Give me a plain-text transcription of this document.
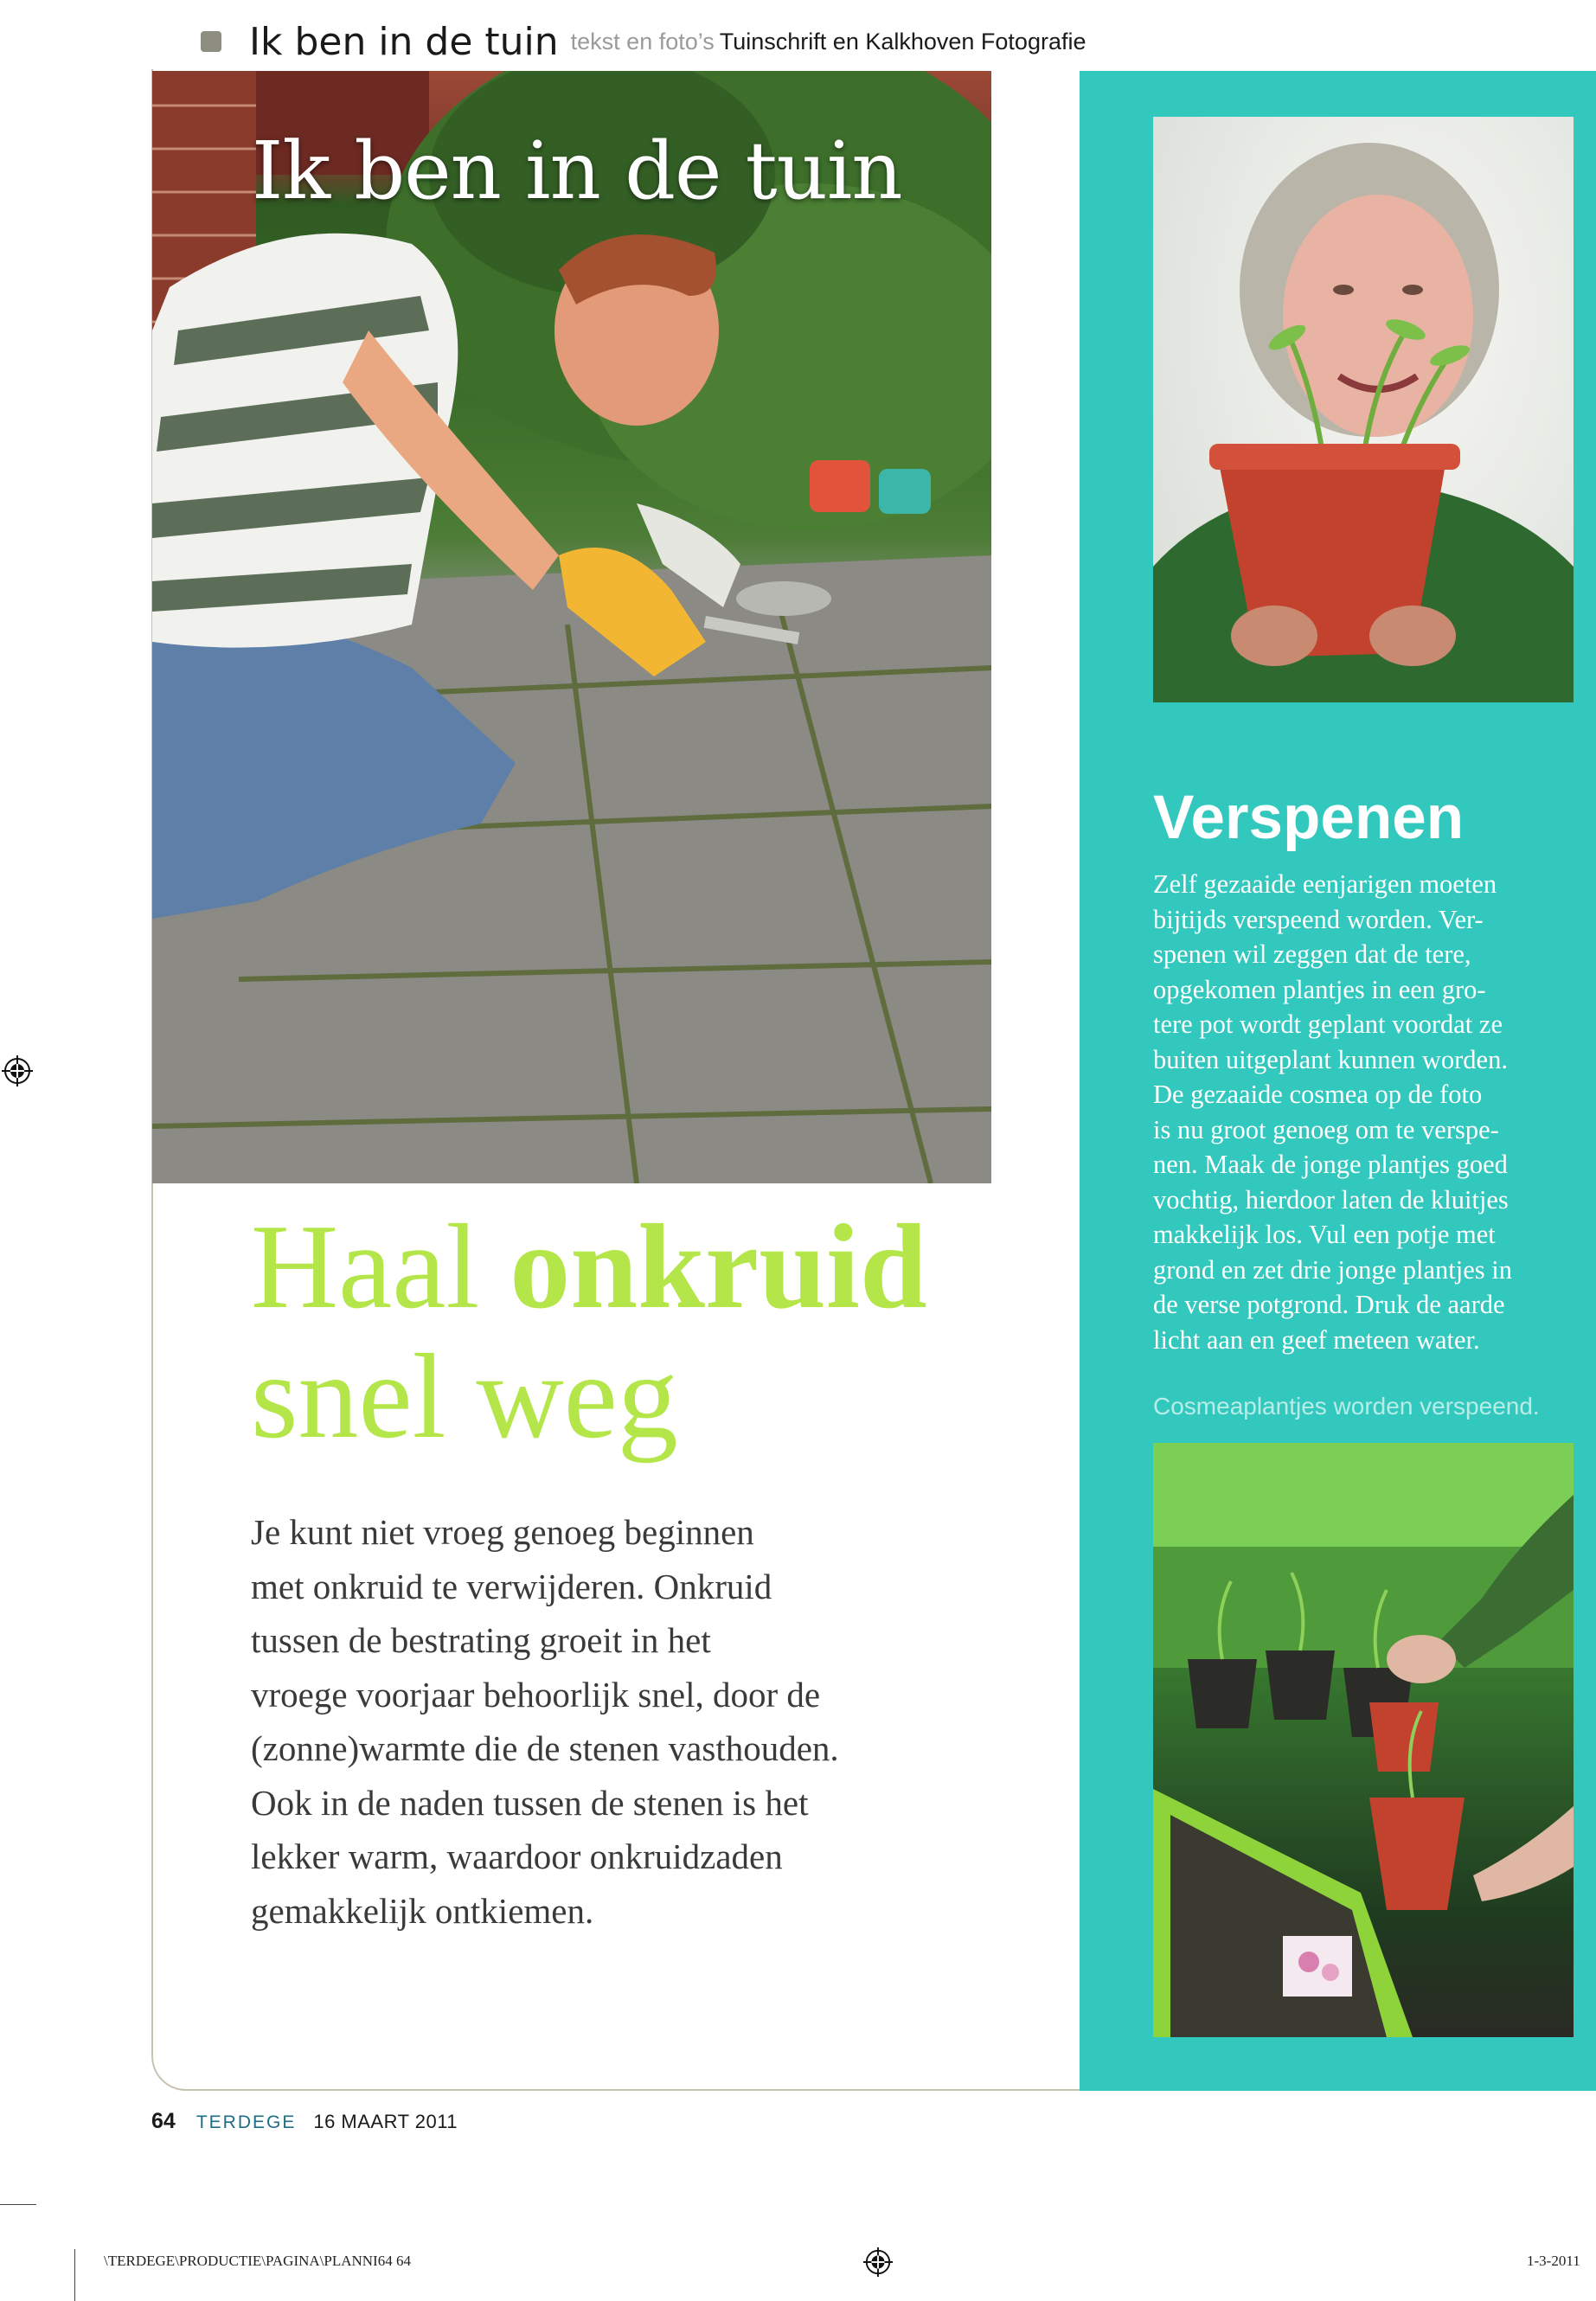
Ik ben in de tuin tekst en foto’s Tuinschrift en Kalkhoven Fotografie
Ik ben in de tuin
Haal onkruid
snel weg
Je kunt niet vroeg genoeg beginnen
met onkruid te verwijderen. Onkruid
tussen de bestrating groeit in het
vroege voorjaar behoorlijk snel, door de
(zonne)warmte die de stenen vasthouden.
Ook in de naden tussen de stenen is het
lekker warm, waardoor onkruidzaden
gemakkelijk ontkiemen.
Verspenen
Zelf gezaaide eenjarigen moeten
bijtijds verspeend worden. Ver-
spenen wil zeggen dat de tere,
opgekomen plantjes in een gro-
tere pot wordt geplant voordat ze
buiten uitgeplant kunnen worden.
De gezaaide cosmea op de foto
is nu groot genoeg om te verspe-
nen. Maak de jonge plantjes goed
vochtig, hierdoor laten de kluitjes
makkelijk los. Vul een potje met
grond en zet drie jonge plantjes in
de verse potgrond. Druk de aarde
licht aan en geef meteen water.
Cosmeaplantjes worden verspeend.
64 TERDEGE 16 MAART 2011
\TERDEGE\PRODUCTIE\PAGINA\PLANNI64 64	1-3-2011
